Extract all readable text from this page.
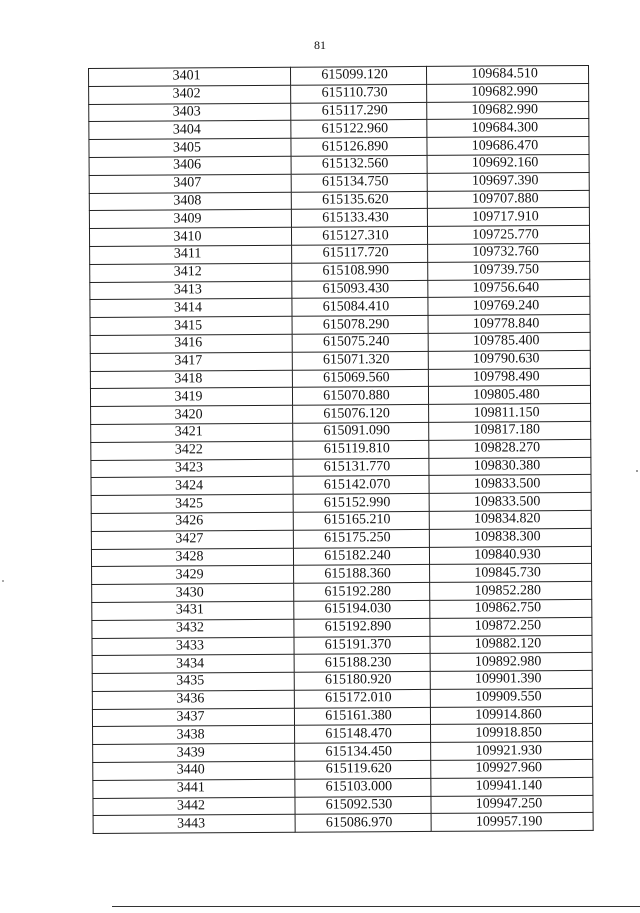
81
3401	615099.120	109684.510
3402	615110.730	109682.990
3403	615117.290	109682.990
3404	615122.960	109684.300
3405	615126.890	109686.470
3406	615132.560	109692.160
3407	615134.750	109697.390
3408	615135.620	109707.880
3409	615133.430	109717.910
3410	615127.310	109725.770
3411	615117.720	109732.760
3412	615108.990	109739.750
3413	615093.430	109756.640
3414	615084.410	109769.240
3415	615078.290	109778.840
3416	615075.240	109785.400
3417	615071.320	109790.630
3418	615069.560	109798.490
3419	615070.880	109805.480
3420	615076.120	109811.150
3421	615091.090	109817.180
3422	615119.810	109828.270
3423	615131.770	109830.380
3424	615142.070	109833.500
3425	615152.990	109833.500
3426	615165.210	109834.820
3427	615175.250	109838.300
3428	615182.240	109840.930
3429	615188.360	109845.730
3430	615192.280	109852.280
3431	615194.030	109862.750
3432	615192.890	109872.250
3433	615191.370	109882.120
3434	615188.230	109892.980
3435	615180.920	109901.390
3436	615172.010	109909.550
3437	615161.380	109914.860
3438	615148.470	109918.850
3439	615134.450	109921.930
3440	615119.620	109927.960
3441	615103.000	109941.140
3442	615092.530	109947.250
3443	615086.970	109957.190
